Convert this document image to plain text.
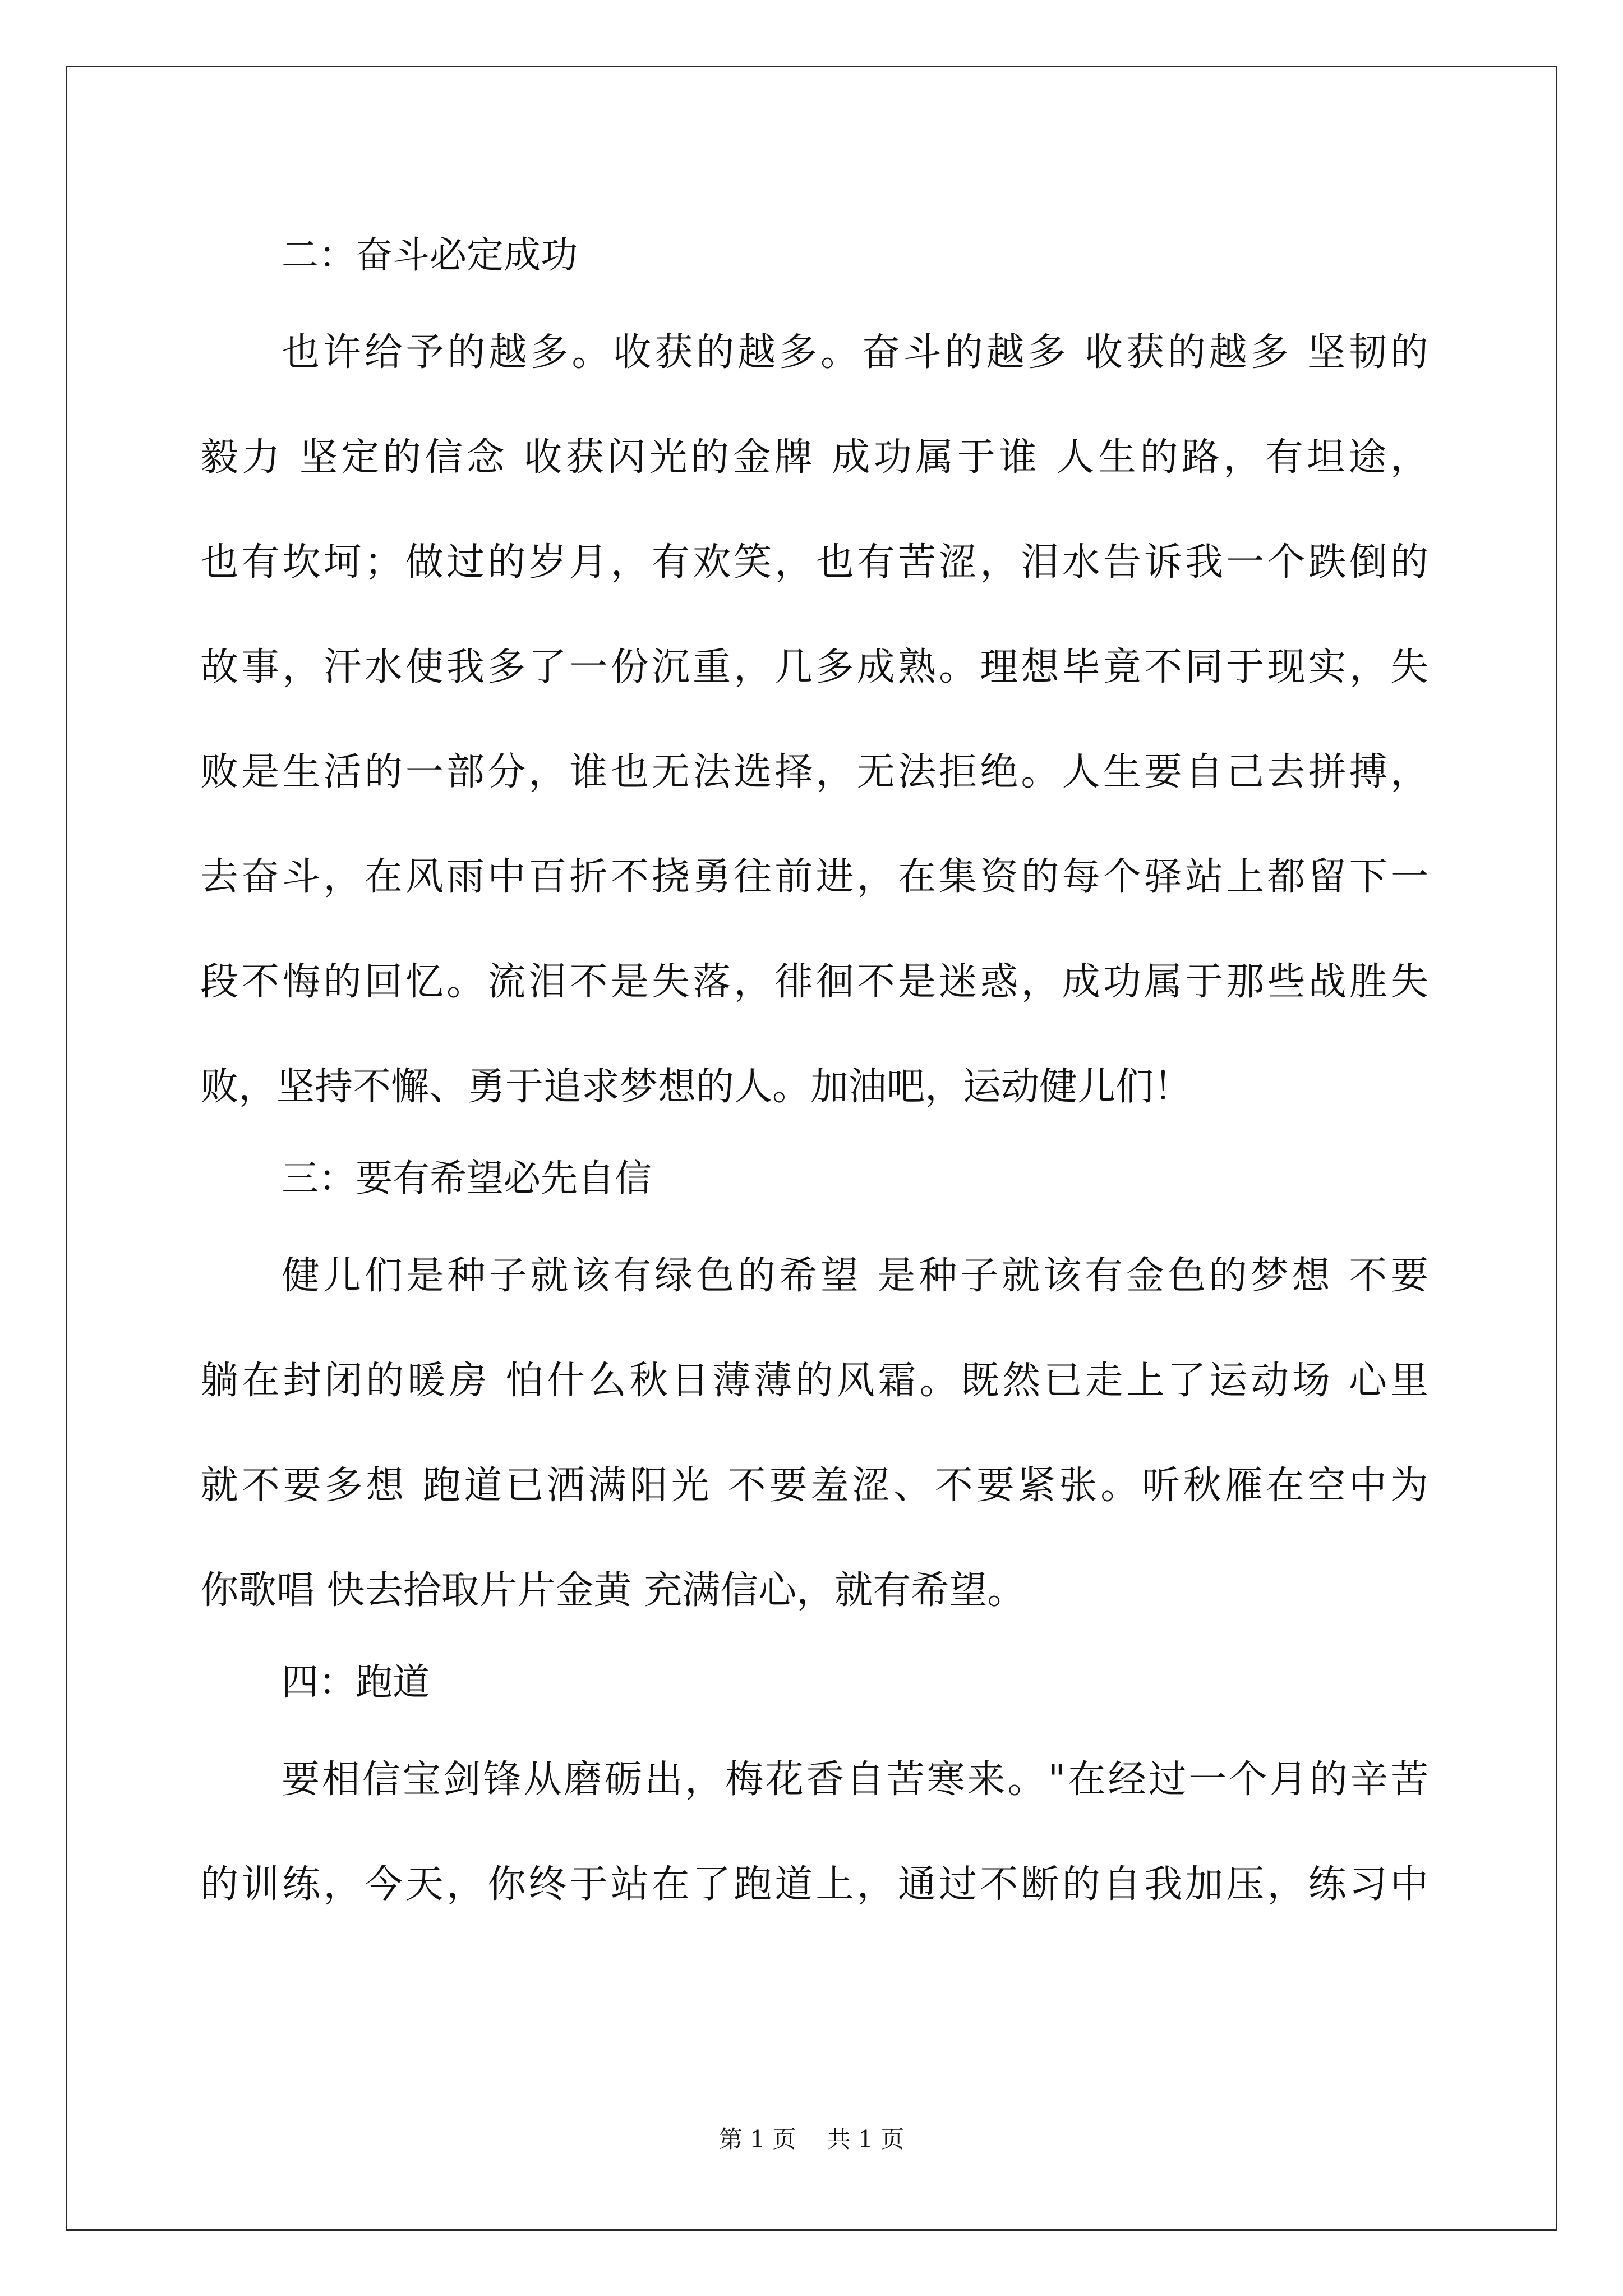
二：奋斗必定成功
也许给予的越多。收获的越多。奋斗的越多 收获的越多 坚韧的
毅力 坚定的信念 收获闪光的金牌 成功属于谁 人生的路，有坦途，
也有坎坷；做过的岁月，有欢笑，也有苦涩，泪水告诉我一个跌倒的
故事，汗水使我多了一份沉重，几多成熟。理想毕竟不同于现实，失
败是生活的一部分，谁也无法选择，无法拒绝。人生要自己去拼搏，
去奋斗，在风雨中百折不挠勇往前进，在集资的每个驿站上都留下一
段不悔的回忆。流泪不是失落，徘徊不是迷惑，成功属于那些战胜失
败，坚持不懈、勇于追求梦想的人。加油吧，运动健儿们！
三：要有希望必先自信
健儿们是种子就该有绿色的希望 是种子就该有金色的梦想 不要
躺在封闭的暖房 怕什么秋日薄薄的风霜。既然已走上了运动场 心里
就不要多想 跑道已洒满阳光 不要羞涩、不要紧张。听秋雁在空中为
你歌唱 快去拾取片片金黄 充满信心，就有希望。
四：跑道
要相信宝剑锋从磨砺出，梅花香自苦寒来。"在经过一个月的辛苦
的训练，今天，你终于站在了跑道上，通过不断的自我加压，练习中
第 1 页　 共 1 页
